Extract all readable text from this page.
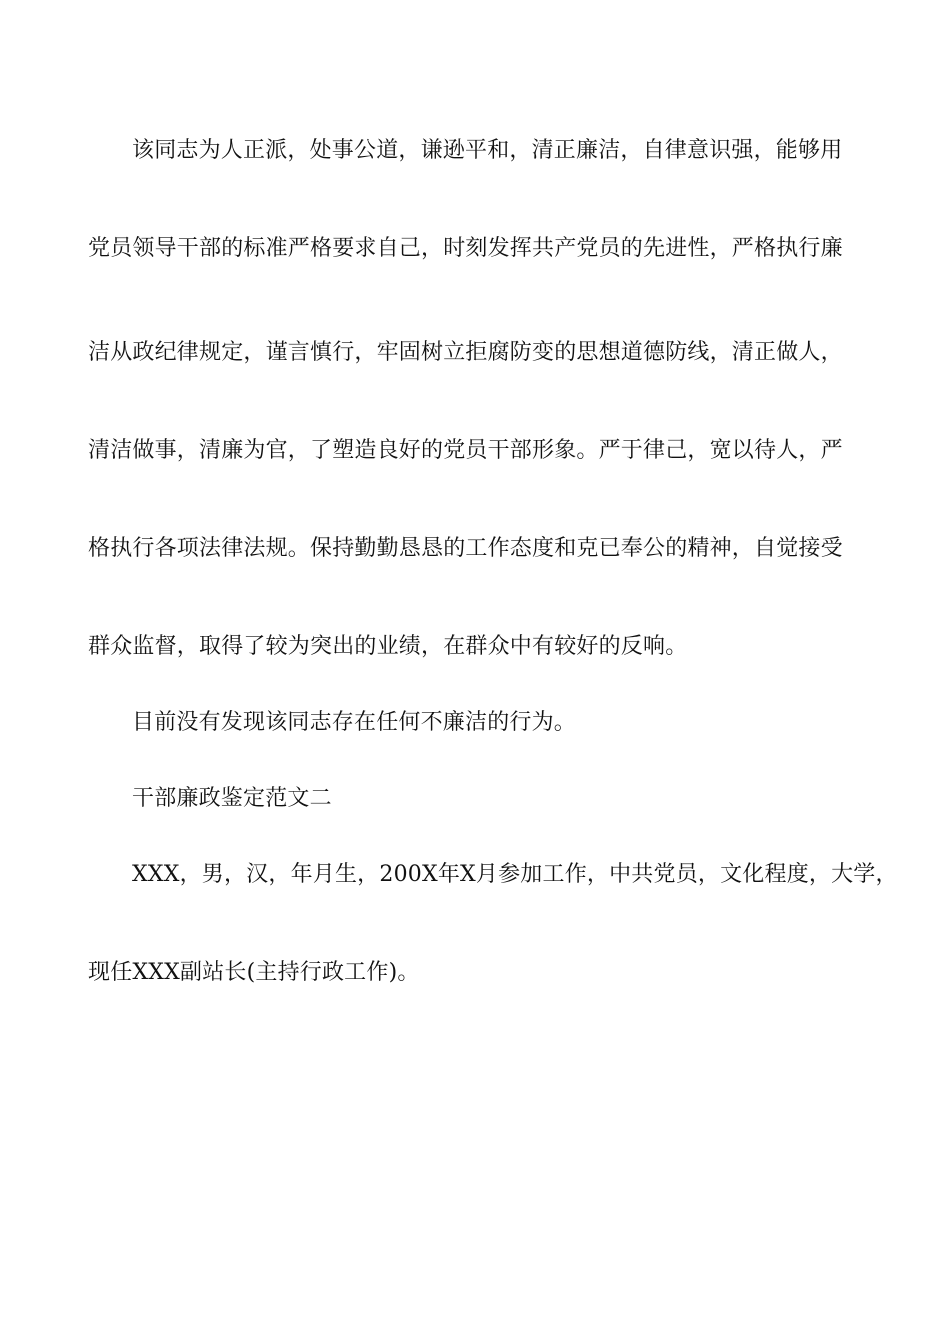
该同志为人正派，处事公道，谦逊平和，清正廉洁，自律意识强，能够用

党员领导干部的标准严格要求自己，时刻发挥共产党员的先进性，严格执行廉

洁从政纪律规定，谨言慎行，牢固树立拒腐防变的思想道德防线，清正做人，

清洁做事，清廉为官，了塑造良好的党员干部形象。严于律己，宽以待人，严

格执行各项法律法规。保持勤勤恳恳的工作态度和克已奉公的精神，自觉接受

群众监督，取得了较为突出的业绩，在群众中有较好的反响。

目前没有发现该同志存在任何不廉洁的行为。

干部廉政鉴定范文二

XXX，男，汉，年月生，200X年X月参加工作，中共党员，文化程度，大学，

现任XXX副站长(主持行政工作)。
